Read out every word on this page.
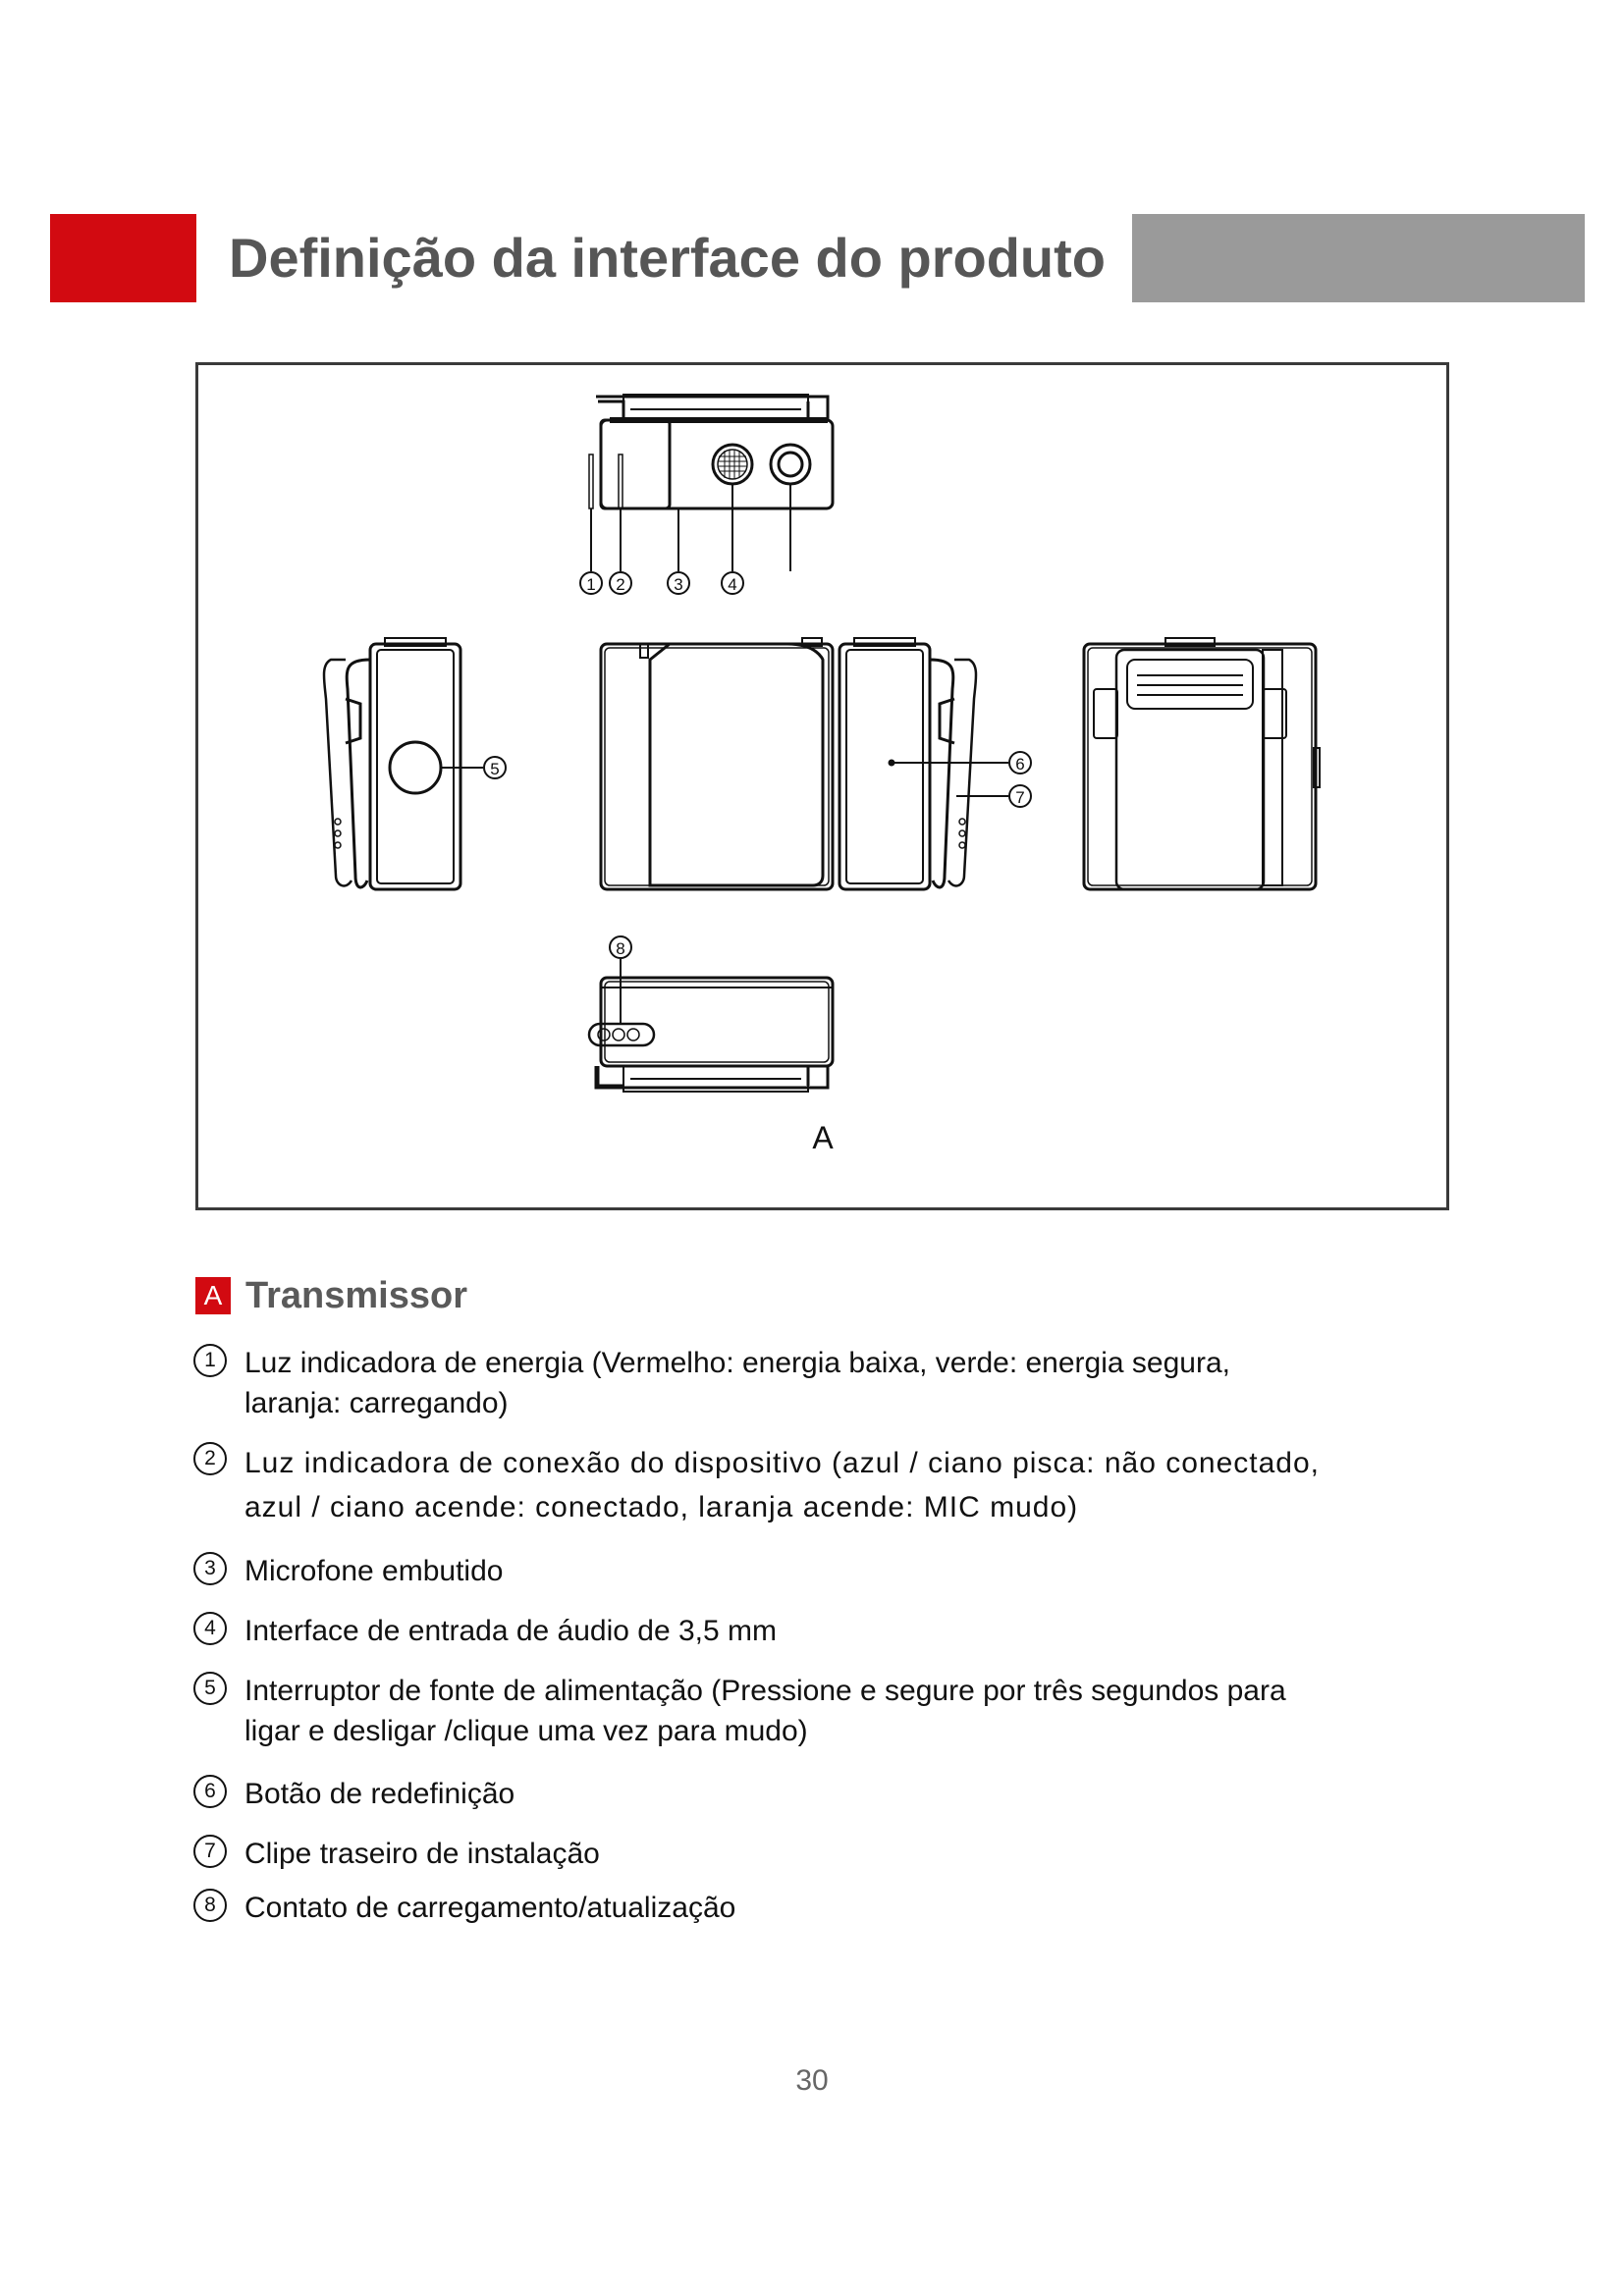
Definição da interface do produto
1 2	3	4
5	6
7
8
A
A Transmissor
1 Luz indicadora de energia (Vermelho: energia baixa, verde: energia segura,
laranja: carregando)
2 Luz indicadora de conexão do dispositivo (azul / ciano pisca: não conectado,
azul / ciano acende: conectado, laranja acende: MIC mudo)
3 Microfone embutido
4 Interface de entrada de áudio de 3,5 mm
5 Interruptor de fonte de alimentação (Pressione e segure por três segundos para
ligar e desligar /clique uma vez para mudo)
6 Botão de redefinição
7 Clipe traseiro de instalação
8 Contato de carregamento/atualização
30
